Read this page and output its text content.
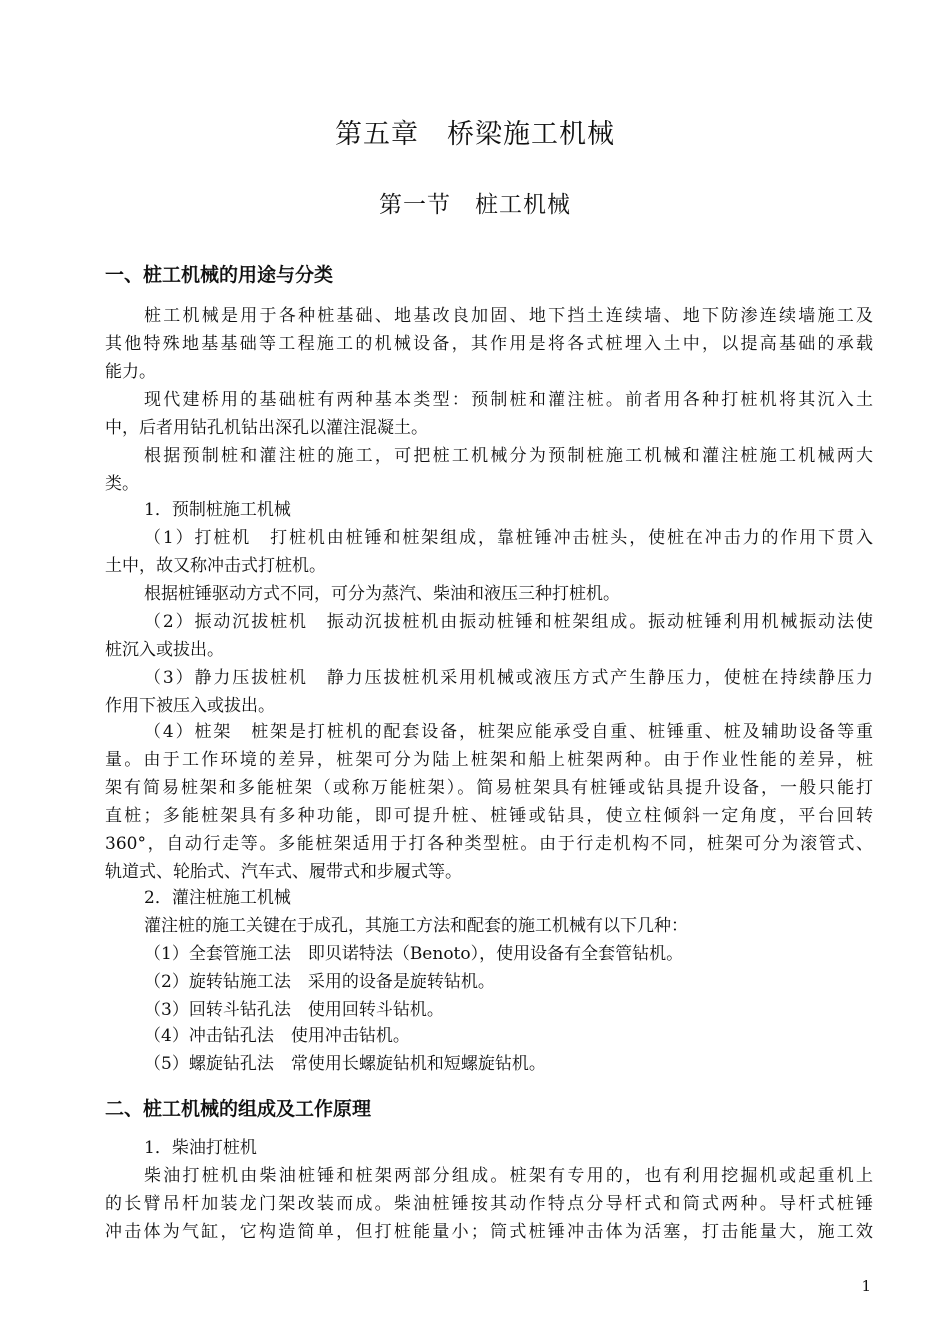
第五章　桥梁施工机械
第一节　桩工机械
一、桩工机械的用途与分类
桩工机械是用于各种桩基础、地基改良加固、地下挡土连续墙、地下防渗连续墙施工及
其他特殊地基基础等工程施工的机械设备，其作用是将各式桩埋入土中，以提高基础的承载
能力。
现代建桥用的基础桩有两种基本类型：预制桩和灌注桩。前者用各种打桩机将其沉入土
中，后者用钻孔机钻出深孔以灌注混凝土。
根据预制桩和灌注桩的施工，可把桩工机械分为预制桩施工机械和灌注桩施工机械两大
类。
1．预制桩施工机械
（1）打桩机　打桩机由桩锤和桩架组成，靠桩锤冲击桩头，使桩在冲击力的作用下贯入
土中，故又称冲击式打桩机。
根据桩锤驱动方式不同，可分为蒸汽、柴油和液压三种打桩机。
（2）振动沉拔桩机　振动沉拔桩机由振动桩锤和桩架组成。振动桩锤利用机械振动法使
桩沉入或拔出。
（3）静力压拔桩机　静力压拔桩机采用机械或液压方式产生静压力，使桩在持续静压力
作用下被压入或拔出。
（4）桩架　桩架是打桩机的配套设备，桩架应能承受自重、桩锤重、桩及辅助设备等重
量。由于工作环境的差异，桩架可分为陆上桩架和船上桩架两种。由于作业性能的差异，桩
架有简易桩架和多能桩架（或称万能桩架）。简易桩架具有桩锤或钻具提升设备，一般只能打
直桩；多能桩架具有多种功能，即可提升桩、桩锤或钻具，使立柱倾斜一定角度，平台回转
360°，自动行走等。多能桩架适用于打各种类型桩。由于行走机构不同，桩架可分为滚管式、
轨道式、轮胎式、汽车式、履带式和步履式等。
2．灌注桩施工机械
灌注桩的施工关键在于成孔，其施工方法和配套的施工机械有以下几种：
（1）全套管施工法　即贝诺特法（Benoto），使用设备有全套管钻机。
（2）旋转钻施工法　采用的设备是旋转钻机。
（3）回转斗钻孔法　使用回转斗钻机。
（4）冲击钻孔法　使用冲击钻机。
（5）螺旋钻孔法　常使用长螺旋钻机和短螺旋钻机。
二、桩工机械的组成及工作原理
1．柴油打桩机
柴油打桩机由柴油桩锤和桩架两部分组成。桩架有专用的，也有利用挖掘机或起重机上
的长臂吊杆加装龙门架改装而成。柴油桩锤按其动作特点分导杆式和筒式两种。导杆式桩锤
冲击体为气缸，它构造简单，但打桩能量小；筒式桩锤冲击体为活塞，打击能量大，施工效
1
